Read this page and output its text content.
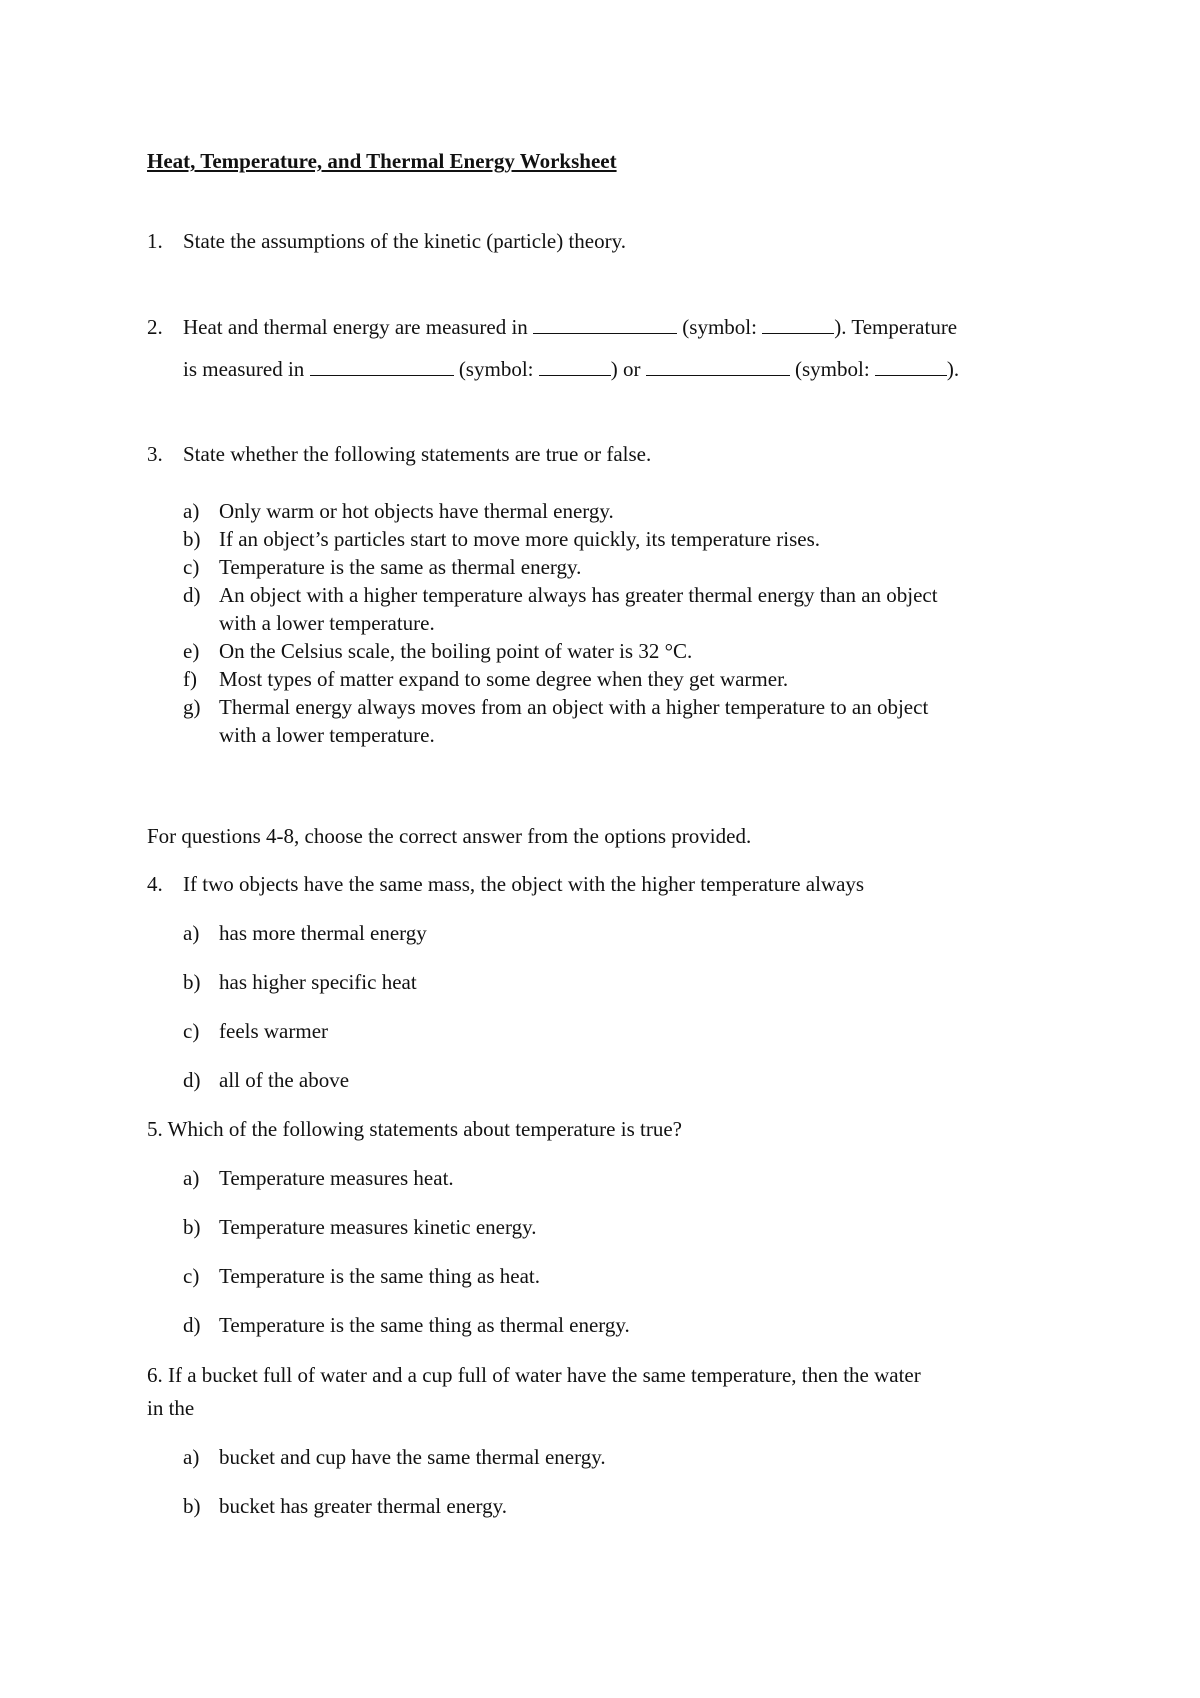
Heat, Temperature, and Thermal Energy Worksheet
1. State the assumptions of the kinetic (particle) theory.
2. Heat and thermal energy are measured in	(symbol:	). Temperature
is measured in	(symbol:	) or	(symbol:	).
3. State whether the following statements are true or false.
a) Only warm or hot objects have thermal energy.
b) If an object’s particles start to move more quickly, its temperature rises.
c) Temperature is the same as thermal energy.
d) An object with a higher temperature always has greater thermal energy than an object
with a lower temperature.
e) On the Celsius scale, the boiling point of water is 32 °C.
f) Most types of matter expand to some degree when they get warmer.
g) Thermal energy always moves from an object with a higher temperature to an object
with a lower temperature.
For questions 4-8, choose the correct answer from the options provided.
4. If two objects have the same mass, the object with the higher temperature always
a) has more thermal energy
b) has higher specific heat
c) feels warmer
d) all of the above
5. Which of the following statements about temperature is true?
a) Temperature measures heat.
b) Temperature measures kinetic energy.
c) Temperature is the same thing as heat.
d) Temperature is the same thing as thermal energy.
6. If a bucket full of water and a cup full of water have the same temperature, then the water
in the
a) bucket and cup have the same thermal energy.
b) bucket has greater thermal energy.
